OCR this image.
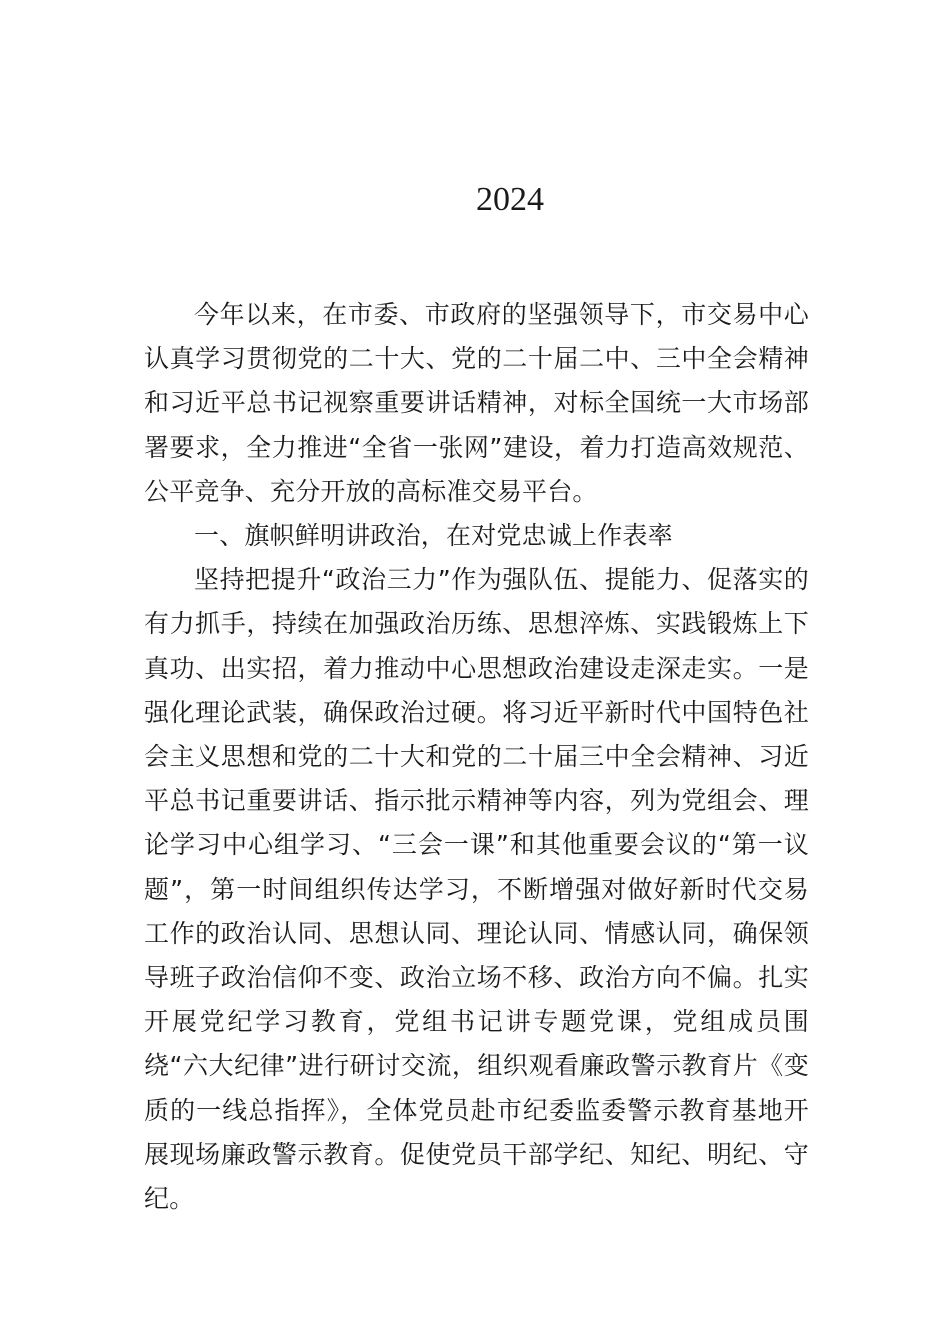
2024

今年以来，在市委、市政府的坚强领导下，市交易中心认真学习贯彻党的二十大、党的二十届二中、三中全会精神和习近平总书记视察重要讲话精神，对标全国统一大市场部署要求，全力推进“全省一张网”建设，着力打造高效规范、公平竞争、充分开放的高标准交易平台。

一、旗帜鲜明讲政治，在对党忠诚上作表率

坚持把提升“政治三力”作为强队伍、提能力、促落实的有力抓手，持续在加强政治历练、思想淬炼、实践锻炼上下真功、出实招，着力推动中心思想政治建设走深走实。一是强化理论武装，确保政治过硬。将习近平新时代中国特色社会主义思想和党的二十大和党的二十届三中全会精神、习近平总书记重要讲话、指示批示精神等内容，列为党组会、理论学习中心组学习、“三会一课”和其他重要会议的“第一议题”，第一时间组织传达学习，不断增强对做好新时代交易工作的政治认同、思想认同、理论认同、情感认同，确保领导班子政治信仰不变、政治立场不移、政治方向不偏。扎实开展党纪学习教育，党组书记讲专题党课，党组成员围绕“六大纪律”进行研讨交流，组织观看廉政警示教育片《变质的一线总指挥》，全体党员赴市纪委监委警示教育基地开展现场廉政警示教育。促使党员干部学纪、知纪、明纪、守纪。
